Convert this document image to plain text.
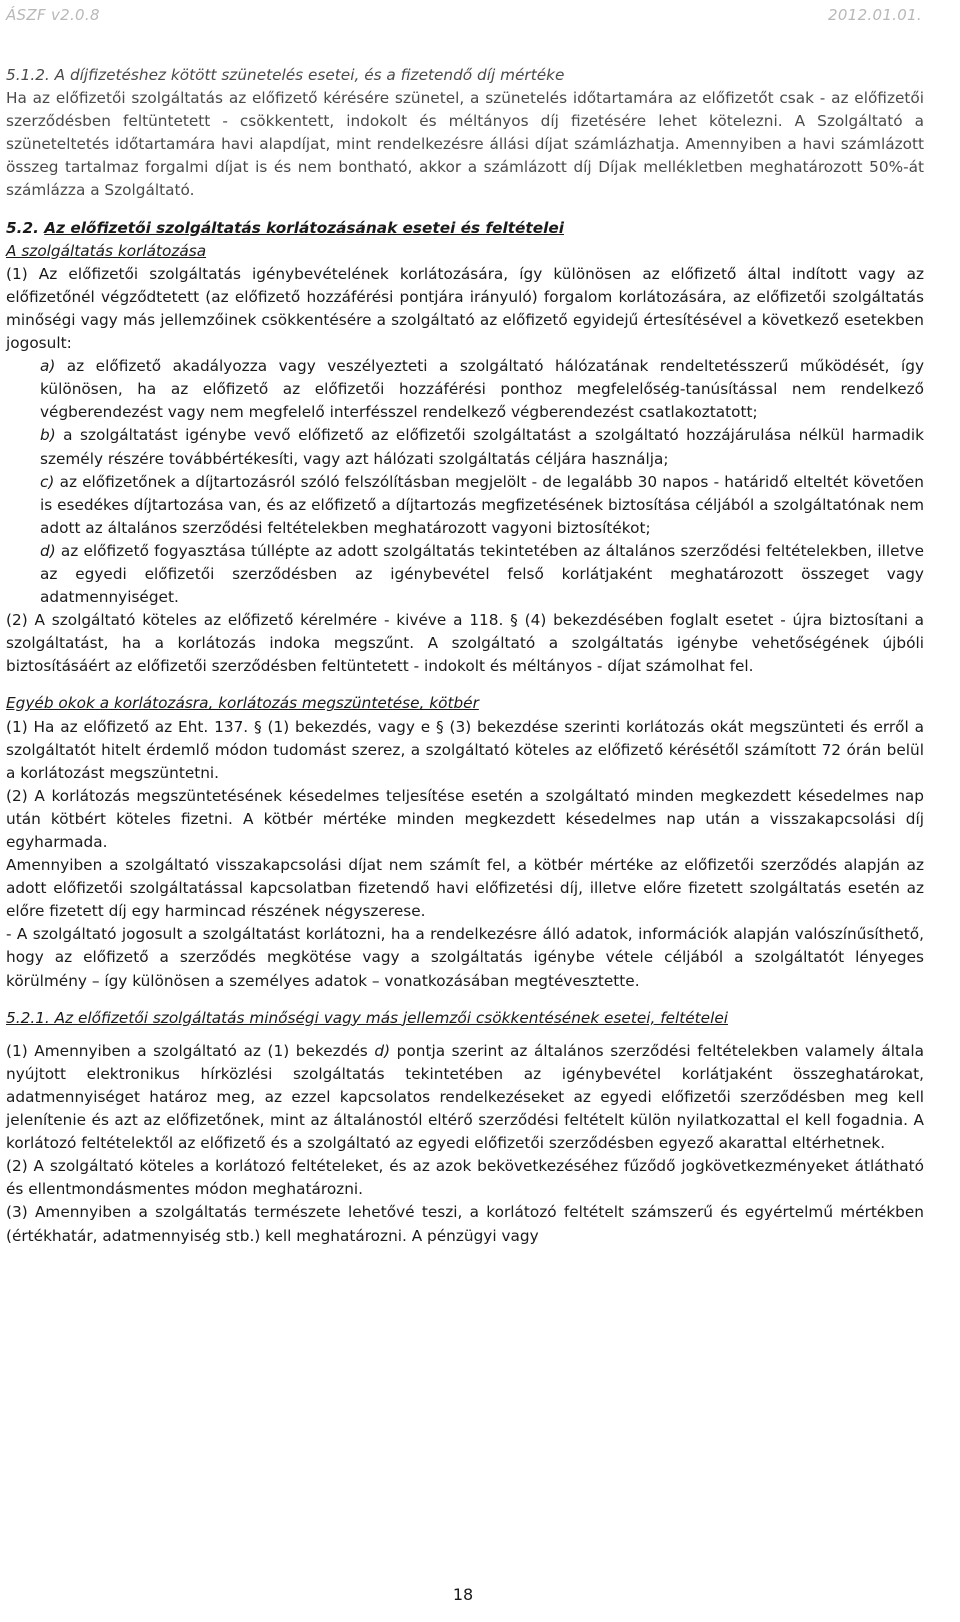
ÁSZF v2.0.8	2012.01.01.

5.1.2. A díjfizetéshez kötött szünetelés esetei, és a fizetendő díj mértéke

Ha az előfizetői szolgáltatás az előfizető kérésére szünetel, a szünetelés időtartamára az előfizetőt csak - az előfizetői szerződésben feltüntetett - csökkentett, indokolt és méltányos díj fizetésére lehet kötelezni. A Szolgáltató a szüneteltetés időtartamára havi alapdíjat, mint rendelkezésre állási díjat számlázhatja. Amennyiben a havi számlázott összeg tartalmaz forgalmi díjat is és nem bontható, akkor a számlázott díj Díjak mellékletben meghatározott 50%-át számlázza a Szolgáltató.

5.2. Az előfizetői szolgáltatás korlátozásának esetei és feltételei

A szolgáltatás korlátozása

(1) Az előfizetői szolgáltatás igénybevételének korlátozására, így különösen az előfizető által indított vagy az előfizetőnél végződtetett (az előfizető hozzáférési pontjára irányuló) forgalom korlátozására, az előfizetői szolgáltatás minőségi vagy más jellemzőinek csökkentésére a szolgáltató az előfizető egyidejű értesítésével a következő esetekben jogosult:

a) az előfizető akadályozza vagy veszélyezteti a szolgáltató hálózatának rendeltetésszerű működését, így különösen, ha az előfizető az előfizetői hozzáférési ponthoz megfelelőség-tanúsítással nem rendelkező végberendezést vagy nem megfelelő interfésszel rendelkező végberendezést csatlakoztatott;

b) a szolgáltatást igénybe vevő előfizető az előfizetői szolgáltatást a szolgáltató hozzájárulása nélkül harmadik személy részére továbbértékesíti, vagy azt hálózati szolgáltatás céljára használja;

c) az előfizetőnek a díjtartozásról szóló felszólításban megjelölt - de legalább 30 napos - határidő elteltét követően is esedékes díjtartozása van, és az előfizető a díjtartozás megfizetésének biztosítása céljából a szolgáltatónak nem adott az általános szerződési feltételekben meghatározott vagyoni biztosítékot;

d) az előfizető fogyasztása túllépte az adott szolgáltatás tekintetében az általános szerződési feltételekben, illetve az egyedi előfizetői szerződésben az igénybevétel felső korlátjaként meghatározott összeget vagy adatmennyiséget.

(2) A szolgáltató köteles az előfizető kérelmére - kivéve a 118. § (4) bekezdésében foglalt esetet - újra biztosítani a szolgáltatást, ha a korlátozás indoka megszűnt. A szolgáltató a szolgáltatás igénybe vehetőségének újbóli biztosításáért az előfizetői szerződésben feltüntetett - indokolt és méltányos - díjat számolhat fel.

Egyéb okok a korlátozásra, korlátozás megszüntetése, kötbér

(1) Ha az előfizető az Eht. 137. § (1) bekezdés, vagy e § (3) bekezdése szerinti korlátozás okát megszünteti és erről a szolgáltatót hitelt érdemlő módon tudomást szerez, a szolgáltató köteles az előfizető kérésétől számított 72 órán belül a korlátozást megszüntetni.

(2) A korlátozás megszüntetésének késedelmes teljesítése esetén a szolgáltató minden megkezdett késedelmes nap után kötbért köteles fizetni. A kötbér mértéke minden megkezdett késedelmes nap után a visszakapcsolási díj egyharmada.

Amennyiben a szolgáltató visszakapcsolási díjat nem számít fel, a kötbér mértéke az előfizetői szerződés alapján az adott előfizetői szolgáltatással kapcsolatban fizetendő havi előfizetési díj, illetve előre fizetett szolgáltatás esetén az előre fizetett díj egy harmincad részének négyszerese.

- A szolgáltató jogosult a szolgáltatást korlátozni, ha a rendelkezésre álló adatok, információk alapján valószínűsíthető, hogy az előfizető a szerződés megkötése vagy a szolgáltatás igénybe vétele céljából a szolgáltatót lényeges körülmény – így különösen a személyes adatok – vonatkozásában megtévesztette.

5.2.1. Az előfizetői szolgáltatás minőségi vagy más jellemzői csökkentésének esetei, feltételei

(1) Amennyiben a szolgáltató az (1) bekezdés d) pontja szerint az általános szerződési feltételekben valamely általa nyújtott elektronikus hírközlési szolgáltatás tekintetében az igénybevétel korlátjaként összeghatárokat, adatmennyiséget határoz meg, az ezzel kapcsolatos rendelkezéseket az egyedi előfizetői szerződésben meg kell jelenítenie és azt az előfizetőnek, mint az általánostól eltérő szerződési feltételt külön nyilatkozattal el kell fogadnia. A korlátozó feltételektől az előfizető és a szolgáltató az egyedi előfizetői szerződésben egyező akarattal eltérhetnek.

(2) A szolgáltató köteles a korlátozó feltételeket, és az azok bekövetkezéséhez fűződő jogkövetkezményeket átlátható és ellentmondásmentes módon meghatározni.

(3) Amennyiben a szolgáltatás természete lehetővé teszi, a korlátozó feltételt számszerű és egyértelmű mértékben (értékhatár, adatmennyiség stb.) kell meghatározni. A pénzügyi vagy

18
